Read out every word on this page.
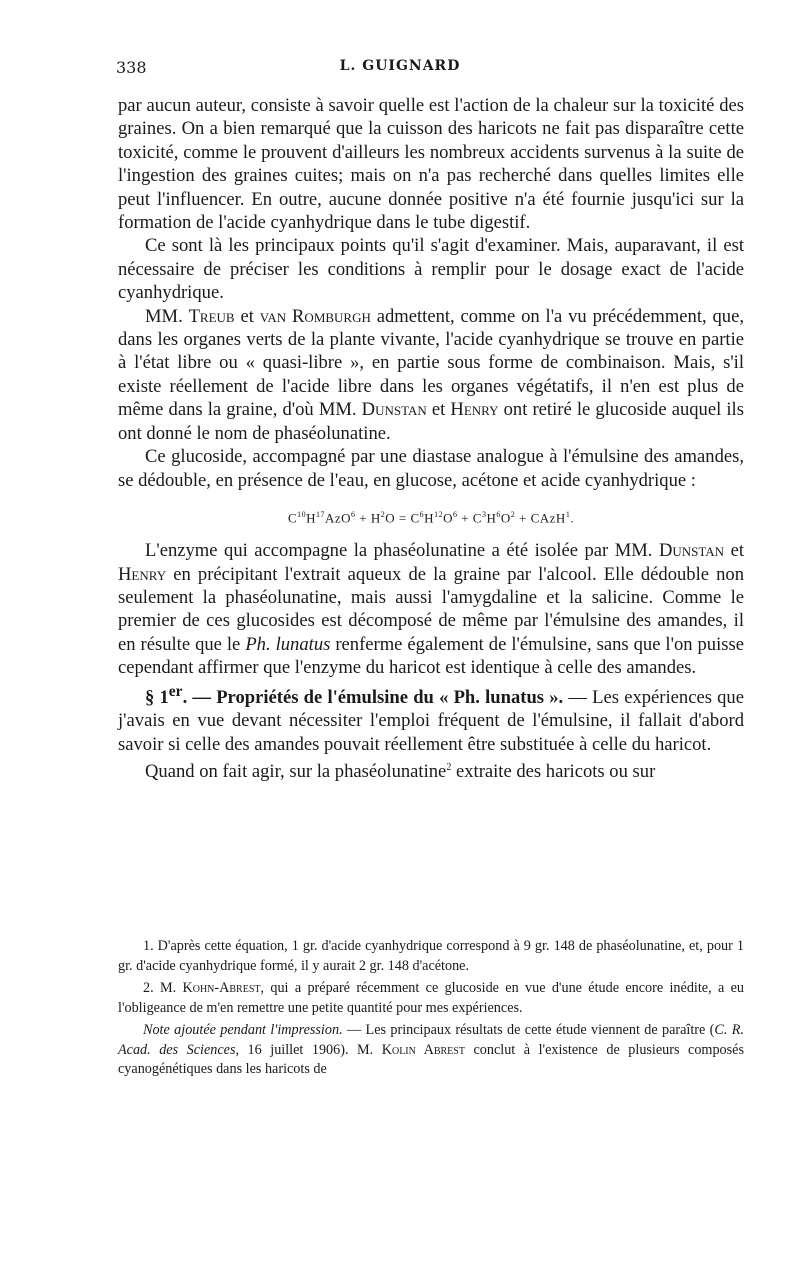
338	L. GUIGNARD

par aucun auteur, consiste à savoir quelle est l'action de la chaleur sur la toxicité des graines. On a bien remarqué que la cuisson des haricots ne fait pas disparaître cette toxicité, comme le prouvent d'ailleurs les nombreux accidents survenus à la suite de l'ingestion des graines cuites; mais on n'a pas recherché dans quelles limites elle peut l'influencer. En outre, aucune donnée positive n'a été fournie jusqu'ici sur la formation de l'acide cyanhydrique dans le tube digestif.

Ce sont là les principaux points qu'il s'agit d'examiner. Mais, auparavant, il est nécessaire de préciser les conditions à remplir pour le dosage exact de l'acide cyanhydrique.

MM. Treub et van Romburgh admettent, comme on l'a vu précédemment, que, dans les organes verts de la plante vivante, l'acide cyanhydrique se trouve en partie à l'état libre ou « quasi-libre », en partie sous forme de combinaison. Mais, s'il existe réellement de l'acide libre dans les organes végétatifs, il n'en est plus de même dans la graine, d'où MM. Dunstan et Henry ont retiré le glucoside auquel ils ont donné le nom de phaséolunatine.

Ce glucoside, accompagné par une diastase analogue à l'émulsine des amandes, se dédouble, en présence de l'eau, en glucose, acétone et acide cyanhydrique :

$C^{10}H^{17}AzO^6 + H^2O = C^6H^{12}O^6 + C^3H^6O^2$ + CAzH$^1$.

L'enzyme qui accompagne la phaséolunatine a été isolée par MM. Dunstan et Henry en précipitant l'extrait aqueux de la graine par l'alcool. Elle dédouble non seulement la phaséolunatine, mais aussi l'amygdaline et la salicine. Comme le premier de ces glucosides est décomposé de même par l'émulsine des amandes, il en résulte que le Ph. lunatus renferme également de l'émulsine, sans que l'on puisse cependant affirmer que l'enzyme du haricot est identique à celle des amandes.

§ 1er. — Propriétés de l'émulsine du « Ph. lunatus ». — Les expériences que j'avais en vue devant nécessiter l'emploi fréquent de l'émulsine, il fallait d'abord savoir si celle des amandes pouvait réellement être substituée à celle du haricot.

Quand on fait agir, sur la phaséolunatine$^2$ extraite des haricots ou sur

1. D'après cette équation, 1 gr. d'acide cyanhydrique correspond à 9 gr. 148 de phaséolunatine, et, pour 1 gr. d'acide cyanhydrique formé, il y aurait 2 gr. 148 d'acétone.

2. M. Kohn-Abrest, qui a préparé récemment ce glucoside en vue d'une étude encore inédite, a eu l'obligeance de m'en remettre une petite quantité pour mes expériences.

Note ajoutée pendant l'impression. — Les principaux résultats de cette étude viennent de paraître (C. R. Acad. des Sciences, 16 juillet 1906). M. Kolin Abrest conclut à l'existence de plusieurs composés cyanogénétiques dans les haricots de
